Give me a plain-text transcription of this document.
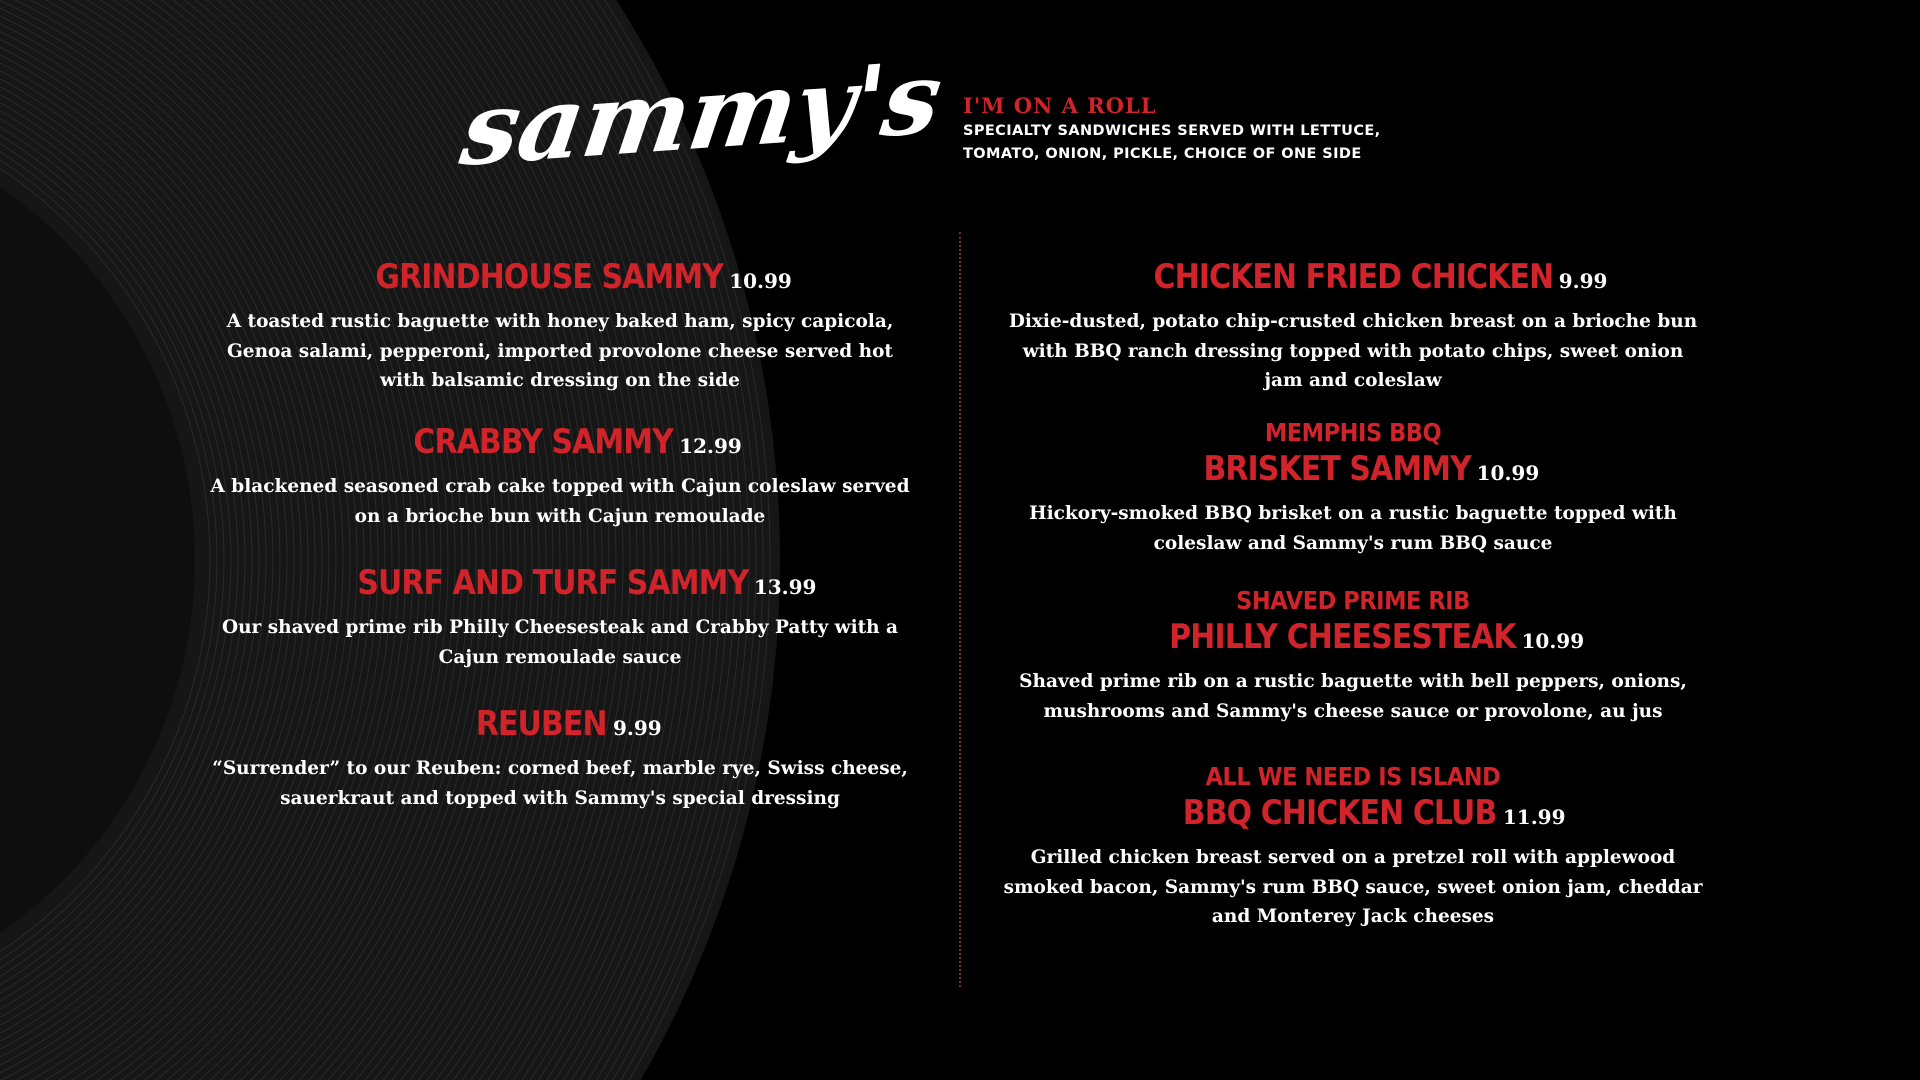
sammy's I'M ON A ROLL
SPECIALTY SANDWICHES SERVED WITH LETTUCE, TOMATO, ONION, PICKLE, CHOICE OF ONE SIDE
GRINDHOUSE SAMMY 10.99
A toasted rustic baguette with honey baked ham, spicy capicola, Genoa salami, pepperoni, imported provolone cheese served hot with balsamic dressing on the side
CRABBY SAMMY 12.99
A blackened seasoned crab cake topped with Cajun coleslaw served on a brioche bun with Cajun remoulade
SURF AND TURF SAMMY 13.99
Our shaved prime rib Philly Cheesesteak and Crabby Patty with a Cajun remoulade sauce
REUBEN 9.99
“Surrender” to our Reuben: corned beef, marble rye, Swiss cheese, sauerkraut and topped with Sammy's special dressing
CHICKEN FRIED CHICKEN 9.99
Dixie-dusted, potato chip-crusted chicken breast on a brioche bun with BBQ ranch dressing topped with potato chips, sweet onion jam and coleslaw
MEMPHIS BBQ
BRISKET SAMMY 10.99
Hickory-smoked BBQ brisket on a rustic baguette topped with coleslaw and Sammy's rum BBQ sauce
SHAVED PRIME RIB
PHILLY CHEESESTEAK 10.99
Shaved prime rib on a rustic baguette with bell peppers, onions, mushrooms and Sammy's cheese sauce or provolone, au jus
ALL WE NEED IS ISLAND
BBQ CHICKEN CLUB 11.99
Grilled chicken breast served on a pretzel roll with applewood smoked bacon, Sammy's rum BBQ sauce, sweet onion jam, cheddar and Monterey Jack cheeses
